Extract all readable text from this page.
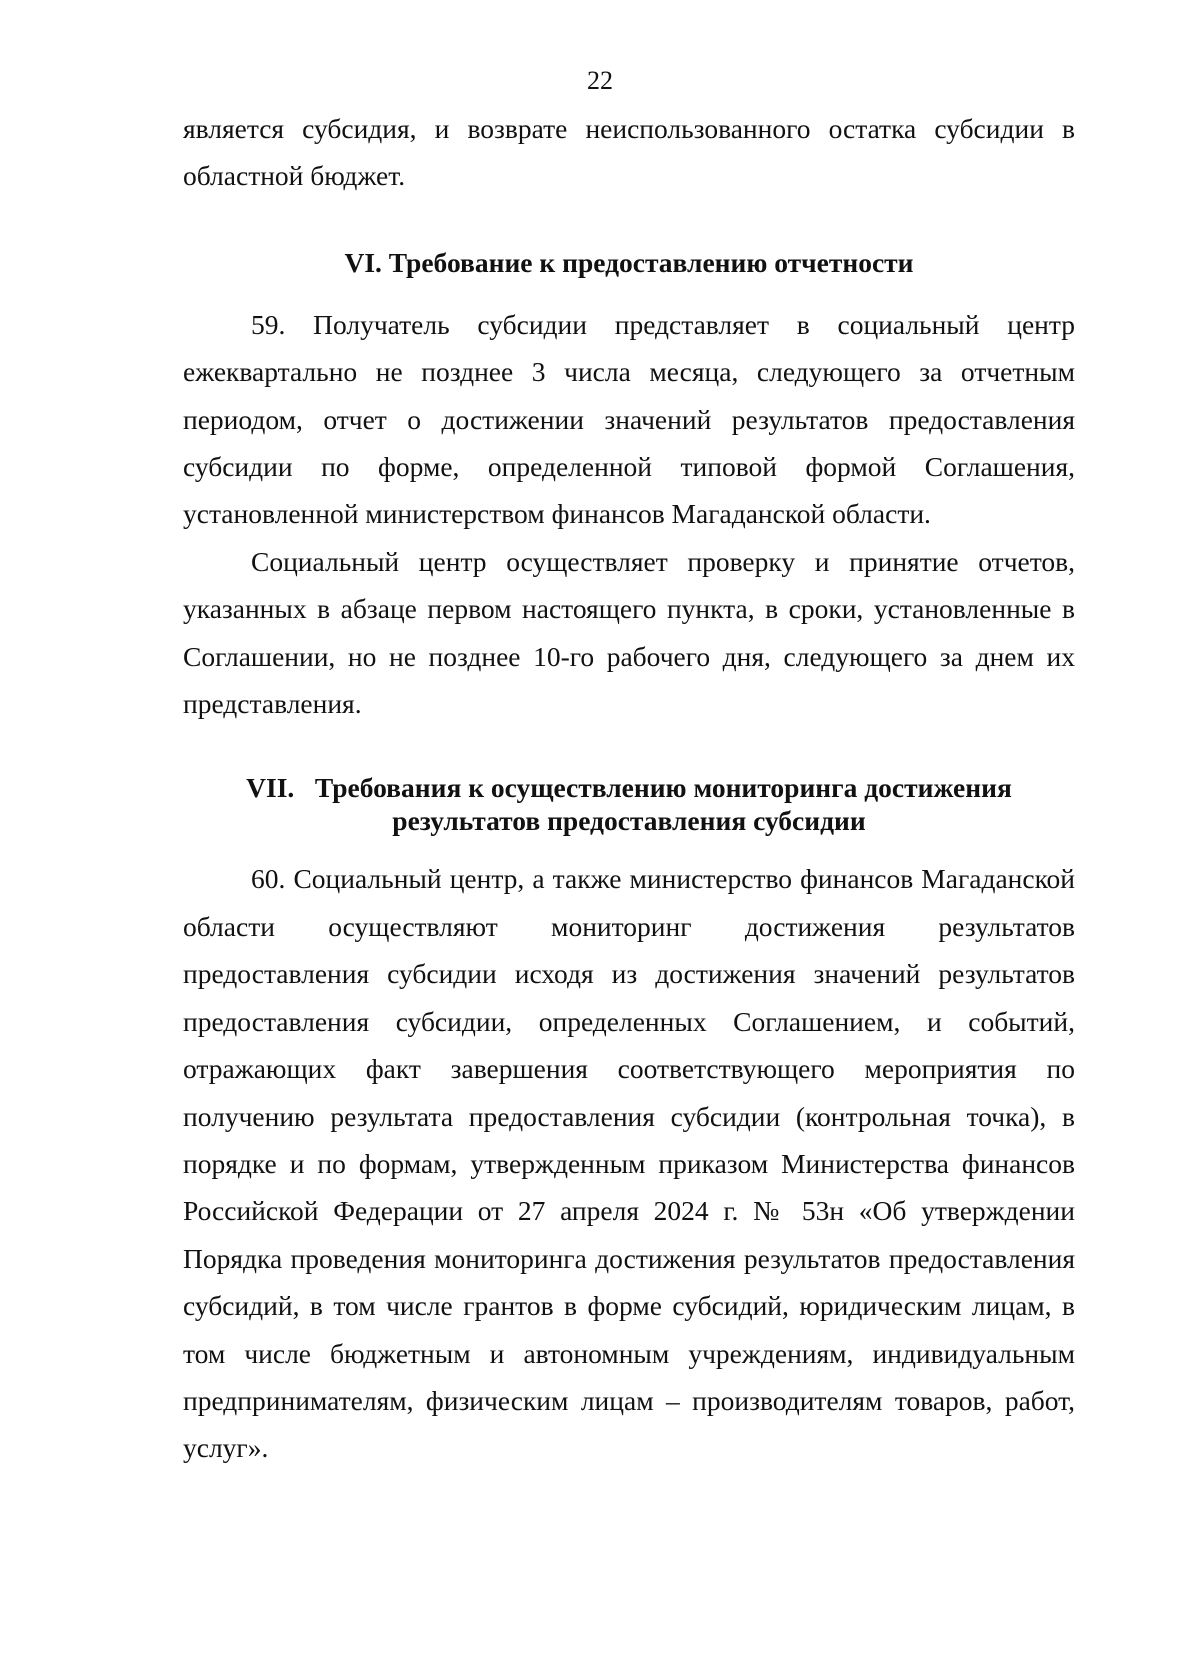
22

является субсидия, и возврате неиспользованного остатка субсидии в областной бюджет.

VI. Требование к предоставлению отчетности

59. Получатель субсидии представляет в социальный центр ежеквартально не позднее 3 числа месяца, следующего за отчетным периодом, отчет о достижении значений результатов предоставления субсидии по форме, определенной типовой формой Соглашения, установленной министерством финансов Магаданской области.

Социальный центр осуществляет проверку и принятие отчетов, указанных в абзаце первом настоящего пункта, в сроки, установленные в Соглашении, но не позднее 10-го рабочего дня, следующего за днем их представления.

VII.   Требования к осуществлению мониторинга достижения
результатов предоставления субсидии

60. Социальный центр, а также министерство финансов Магаданской области осуществляют мониторинг достижения результатов предоставления субсидии исходя из достижения значений результатов предоставления субсидии, определенных Соглашением, и событий, отражающих факт завершения соответствующего мероприятия по получению результата предоставления субсидии (контрольная точка), в порядке и по формам, утвержденным приказом Министерства финансов Российской Федерации от 27 апреля 2024 г. № 53н «Об утверждении Порядка проведения мониторинга достижения результатов предоставления субсидий, в том числе грантов в форме субсидий, юридическим лицам, в том числе бюджетным и автономным учреждениям, индивидуальным предпринимателям, физическим лицам – производителям товаров, работ, услуг».
